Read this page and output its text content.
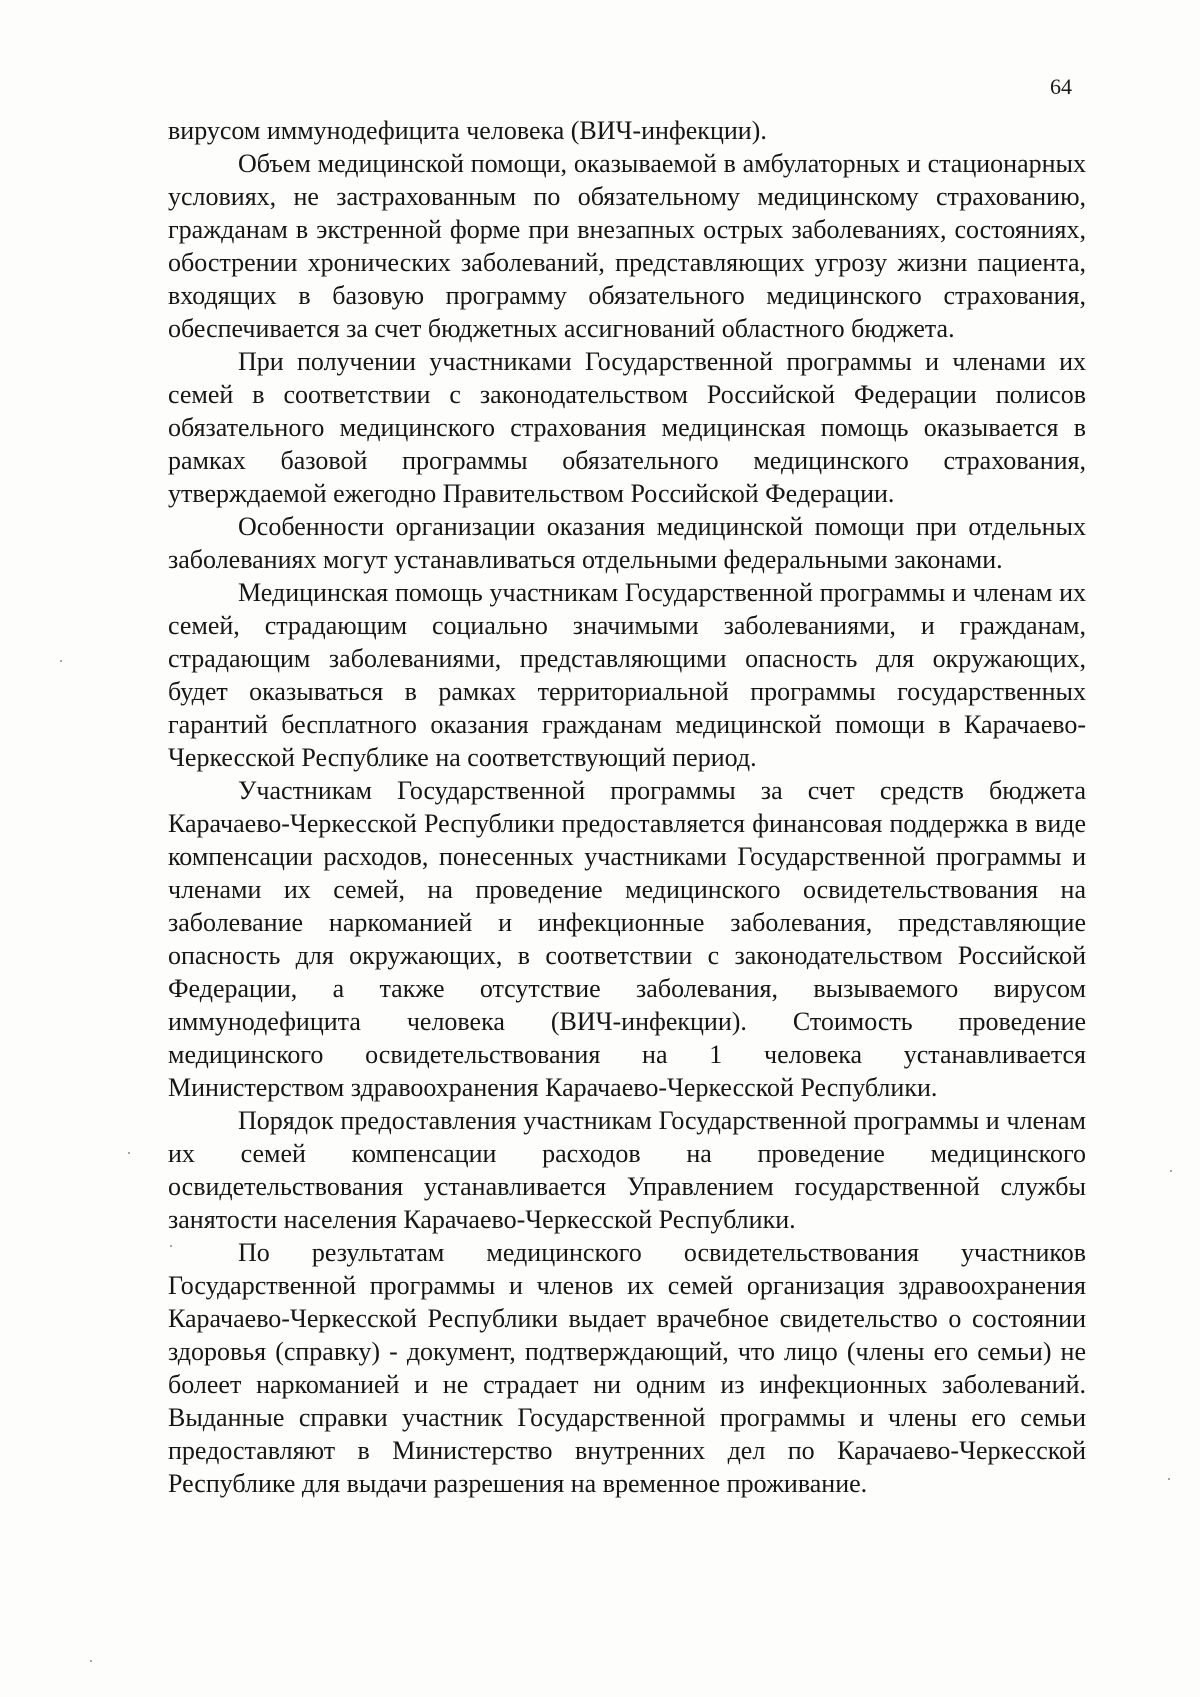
64

вирусом иммунодефицита человека (ВИЧ-инфекции).

Объем медицинской помощи, оказываемой в амбулаторных и стационарных условиях, не застрахованным по обязательному медицинскому страхованию, гражданам в экстренной форме при внезапных острых заболеваниях, состояниях, обострении хронических заболеваний, представляющих угрозу жизни пациента, входящих в базовую программу обязательного медицинского страхования, обеспечивается за счет бюджетных ассигнований областного бюджета.

При получении участниками Государственной программы и членами их семей в соответствии с законодательством Российской Федерации полисов обязательного медицинского страхования медицинская помощь оказывается в рамках базовой программы обязательного медицинского страхования, утверждаемой ежегодно Правительством Российской Федерации.

Особенности организации оказания медицинской помощи при отдельных заболеваниях могут устанавливаться отдельными федеральными законами.

Медицинская помощь участникам Государственной программы и членам их семей, страдающим социально значимыми заболеваниями, и гражданам, страдающим заболеваниями, представляющими опасность для окружающих, будет оказываться в рамках территориальной программы государственных гарантий бесплатного оказания гражданам медицинской помощи в Карачаево-Черкесской Республике на соответствующий период.

Участникам Государственной программы за счет средств бюджета Карачаево-Черкесской Республики предоставляется финансовая поддержка в виде компенсации расходов, понесенных участниками Государственной программы и членами их семей, на проведение медицинского освидетельствования на заболевание наркоманией и инфекционные заболевания, представляющие опасность для окружающих, в соответствии с законодательством Российской Федерации, а также отсутствие заболевания, вызываемого вирусом иммунодефицита человека (ВИЧ-инфекции). Стоимость проведение медицинского освидетельствования на 1 человека устанавливается Министерством здравоохранения Карачаево-Черкесской Республики.

Порядок предоставления участникам Государственной программы и членам их семей компенсации расходов на проведение медицинского освидетельствования устанавливается Управлением государственной службы занятости населения Карачаево-Черкесской Республики.

По результатам медицинского освидетельствования участников Государственной программы и членов их семей организация здравоохранения Карачаево-Черкесской Республики выдает врачебное свидетельство о состоянии здоровья (справку) - документ, подтверждающий, что лицо (члены его семьи) не болеет наркоманией и не страдает ни одним из инфекционных заболеваний. Выданные справки участник Государственной программы и члены его семьи предоставляют в Министерство внутренних дел по Карачаево-Черкесской Республике для выдачи разрешения на временное проживание.
